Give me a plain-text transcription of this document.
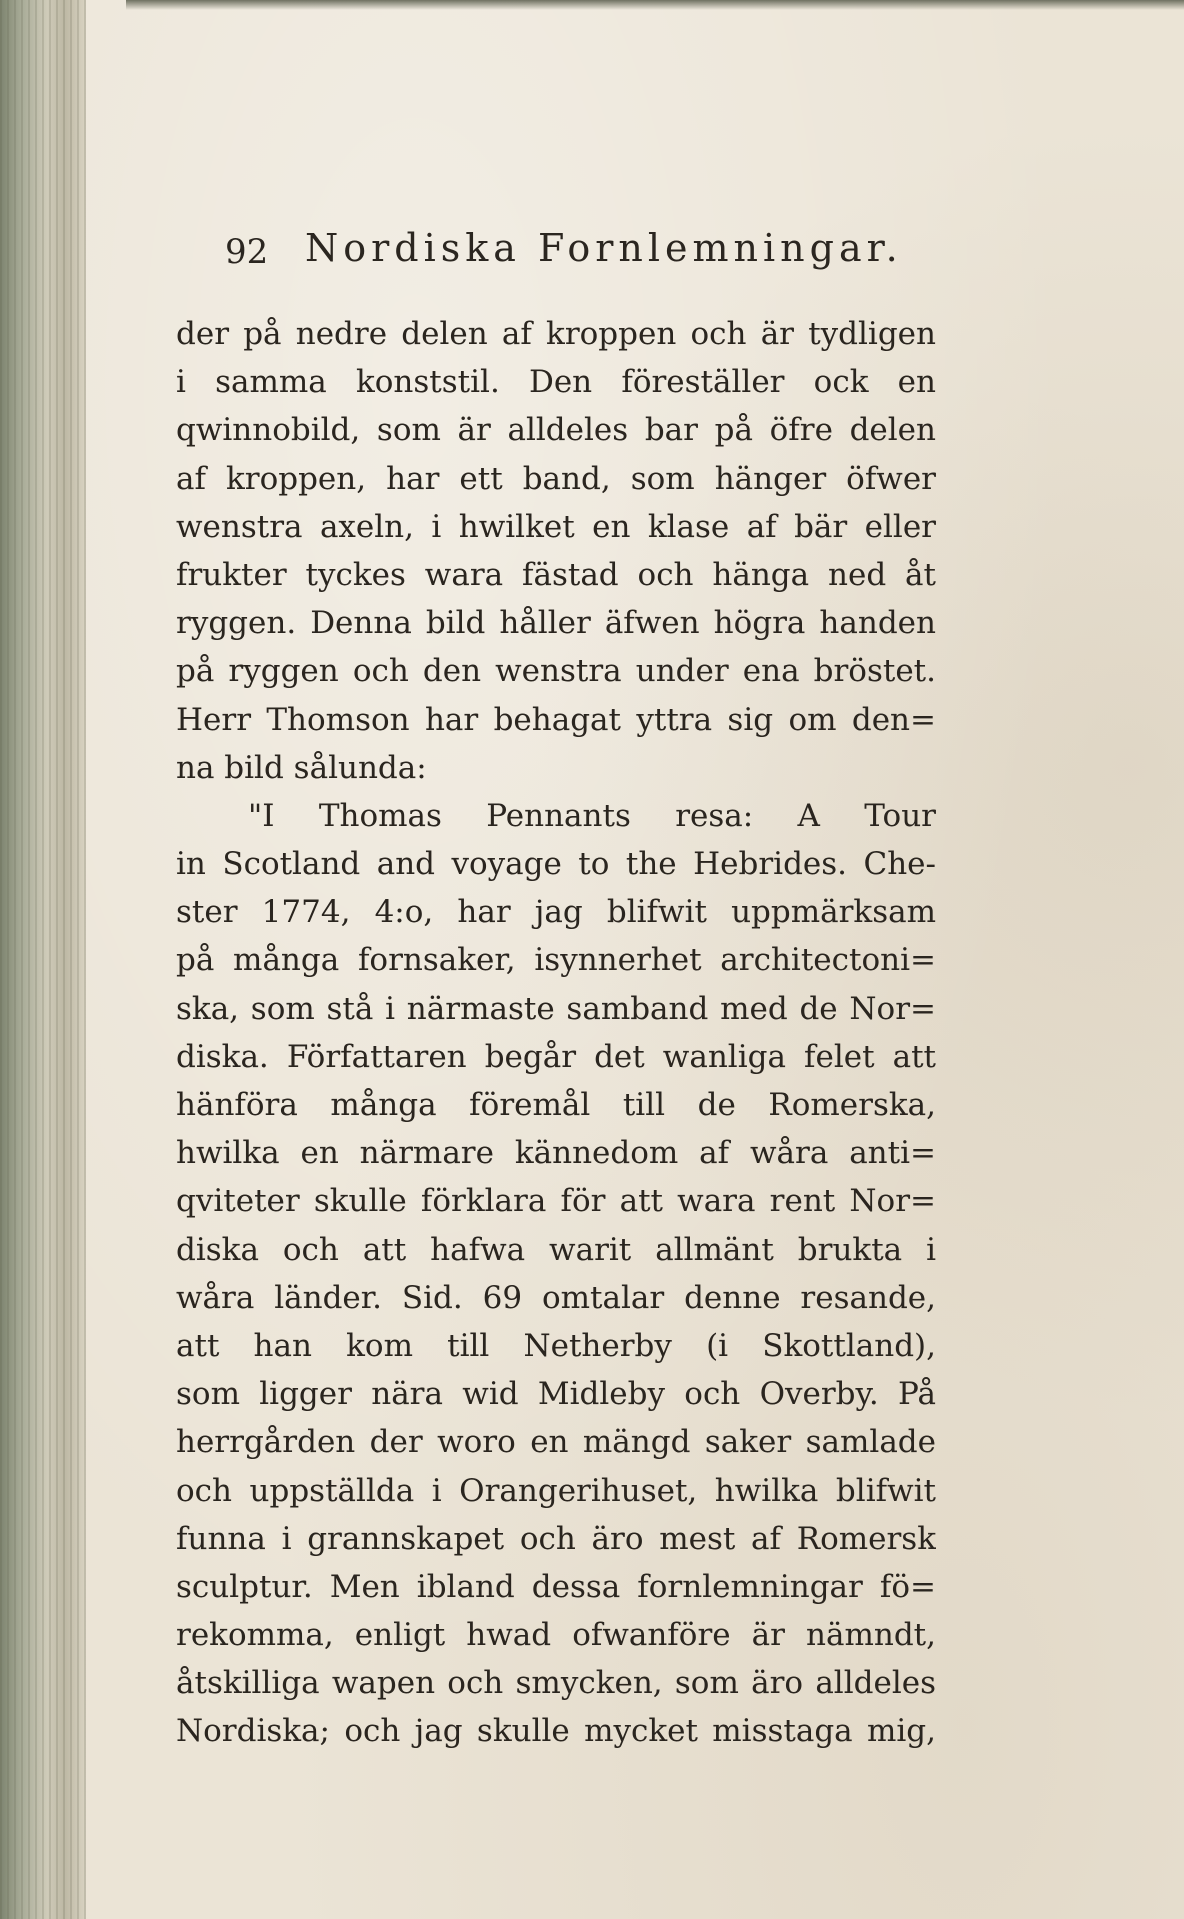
92 Nordiska Fornlemningar.
der på nedre delen af kroppen och är tydligen
i samma konststil. Den föreställer ock en
qwinnobild, som är alldeles bar på öfre delen
af kroppen, har ett band, som hänger öfwer
wenstra axeln, i hwilket en klase af bär eller
frukter tyckes wara fästad och hänga ned åt
ryggen. Denna bild håller äfwen högra handen
på ryggen och den wenstra under ena bröstet.
Herr Thomson har behagat yttra sig om den=
na bild sålunda:
"I Thomas Pennants resa: A Tour
in Scotland and voyage to the Hebrides. Che-
ster 1774, 4:o, har jag blifwit uppmärksam
på många fornsaker, isynnerhet architectoni=
ska, som stå i närmaste samband med de Nor=
diska. Författaren begår det wanliga felet att
hänföra många föremål till de Romerska,
hwilka en närmare kännedom af wåra anti=
qviteter skulle förklara för att wara rent Nor=
diska och att hafwa warit allmänt brukta i
wåra länder. Sid. 69 omtalar denne resande,
att han kom till Netherby (i Skottland),
som ligger nära wid Midleby och Overby. På
herrgården der woro en mängd saker samlade
och uppställda i Orangerihuset, hwilka blifwit
funna i grannskapet och äro mest af Romersk
sculptur. Men ibland dessa fornlemningar fö=
rekomma, enligt hwad ofwanföre är nämndt,
åtskilliga wapen och smycken, som äro alldeles
Nordiska; och jag skulle mycket misstaga mig,
